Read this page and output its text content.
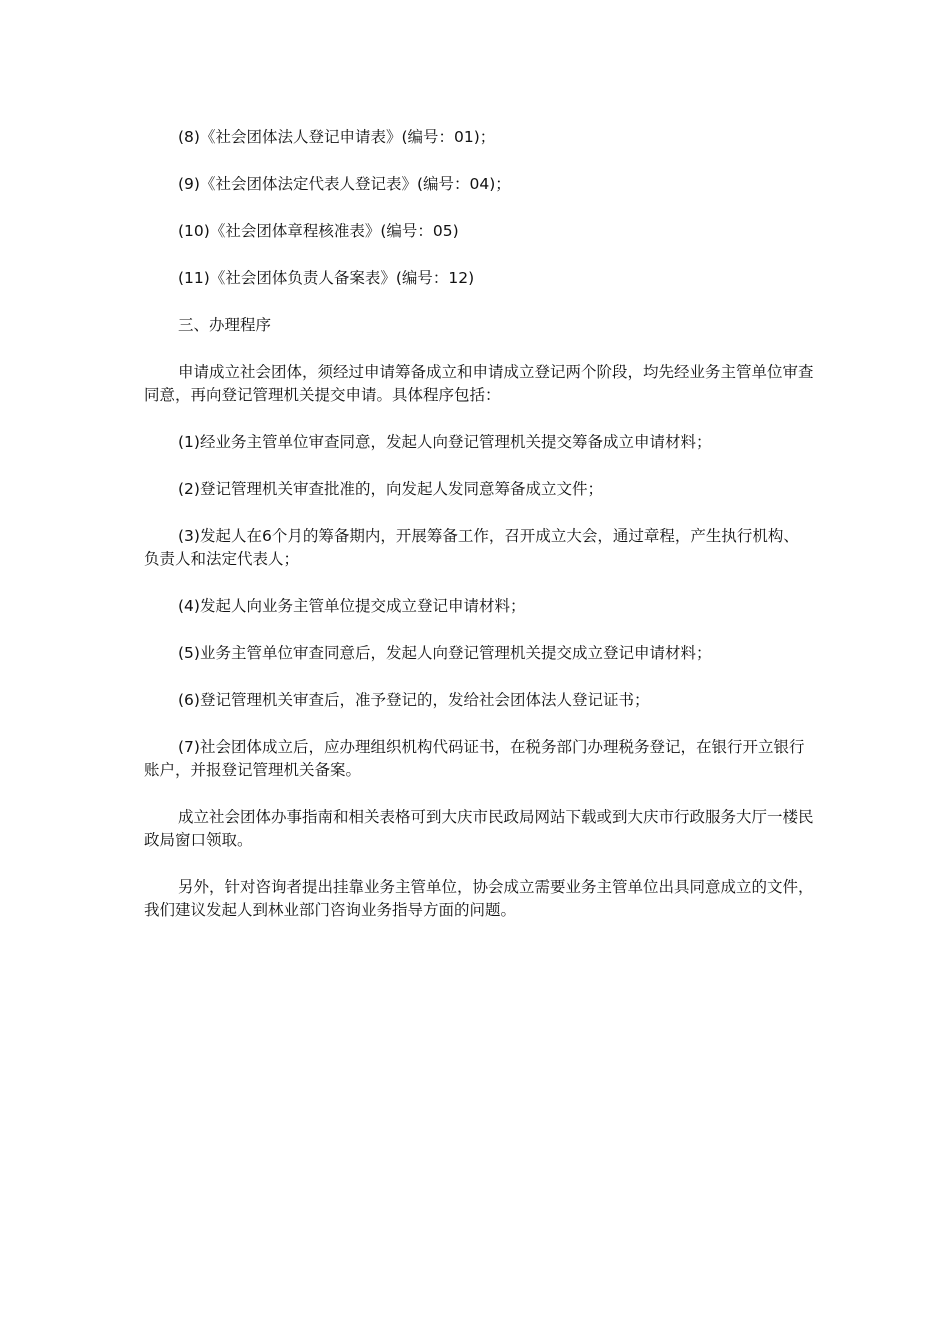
(8)《社会团体法人登记申请表》(编号：01)；

(9)《社会团体法定代表人登记表》(编号：04)；

(10)《社会团体章程核准表》(编号：05)

(11)《社会团体负责人备案表》(编号：12)

三、办理程序

申请成立社会团体，须经过申请筹备成立和申请成立登记两个阶段，均先经业务主管单位审查同意，再向登记管理机关提交申请。具体程序包括：

(1)经业务主管单位审查同意，发起人向登记管理机关提交筹备成立申请材料；

(2)登记管理机关审查批准的，向发起人发同意筹备成立文件；

(3)发起人在6个月的筹备期内，开展筹备工作，召开成立大会，通过章程，产生执行机构、负责人和法定代表人；

(4)发起人向业务主管单位提交成立登记申请材料；

(5)业务主管单位审查同意后，发起人向登记管理机关提交成立登记申请材料；

(6)登记管理机关审查后，准予登记的，发给社会团体法人登记证书；

(7)社会团体成立后，应办理组织机构代码证书，在税务部门办理税务登记，在银行开立银行账户，并报登记管理机关备案。

成立社会团体办事指南和相关表格可到大庆市民政局网站下载或到大庆市行政服务大厅一楼民政局窗口领取。

另外，针对咨询者提出挂靠业务主管单位，协会成立需要业务主管单位出具同意成立的文件，我们建议发起人到林业部门咨询业务指导方面的问题。
